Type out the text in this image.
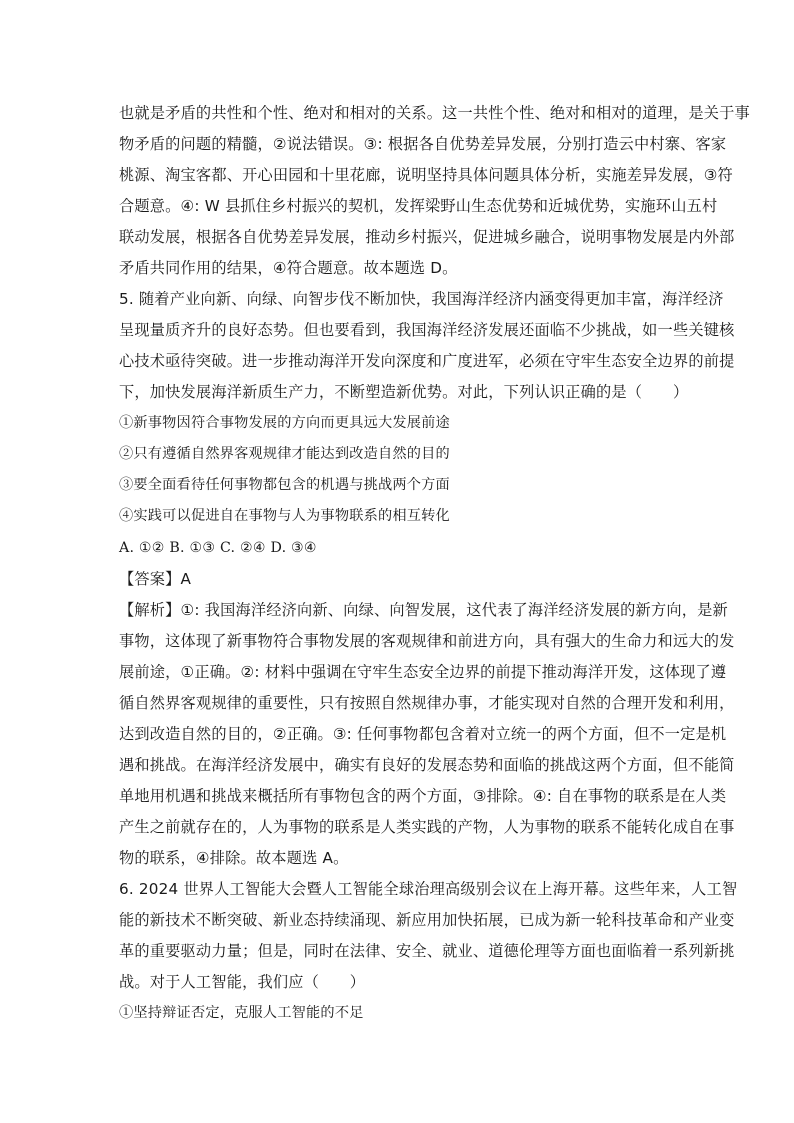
也就是矛盾的共性和个性、绝对和相对的关系。这一共性个性、绝对和相对的道理，是关于事
物矛盾的问题的精髓，②说法错误。③: 根据各自优势差异发展，分别打造云中村寨、客家
桃源、淘宝客都、开心田园和十里花廊，说明坚持具体问题具体分析，实施差异发展，③符
合题意。④: W 县抓住乡村振兴的契机，发挥梁野山生态优势和近城优势，实施环山五村
联动发展，根据各自优势差异发展，推动乡村振兴，促进城乡融合，说明事物发展是内外部
矛盾共同作用的结果，④符合题意。故本题选 D。
5. 随着产业向新、向绿、向智步伐不断加快，我国海洋经济内涵变得更加丰富，海洋经济
呈现量质齐升的良好态势。但也要看到，我国海洋经济发展还面临不少挑战，如一些关键核
心技术亟待突破。进一步推动海洋开发向深度和广度进军，必须在守牢生态安全边界的前提
下，加快发展海洋新质生产力，不断塑造新优势。对此，下列认识正确的是（　　）
①新事物因符合事物发展的方向而更具远大发展前途
②只有遵循自然界客观规律才能达到改造自然的目的
③要全面看待任何事物都包含的机遇与挑战两个方面
④实践可以促进自在事物与人为事物联系的相互转化
A. ①② B. ①③ C. ②④ D. ③④
【答案】A
【解析】①: 我国海洋经济向新、向绿、向智发展，这代表了海洋经济发展的新方向，是新
事物，这体现了新事物符合事物发展的客观规律和前进方向，具有强大的生命力和远大的发
展前途，①正确。②: 材料中强调在守牢生态安全边界的前提下推动海洋开发，这体现了遵
循自然界客观规律的重要性，只有按照自然规律办事，才能实现对自然的合理开发和利用，
达到改造自然的目的，②正确。③: 任何事物都包含着对立统一的两个方面，但不一定是机
遇和挑战。在海洋经济发展中，确实有良好的发展态势和面临的挑战这两个方面，但不能简
单地用机遇和挑战来概括所有事物包含的两个方面，③排除。④: 自在事物的联系是在人类
产生之前就存在的，人为事物的联系是人类实践的产物，人为事物的联系不能转化成自在事
物的联系，④排除。故本题选 A。
6. 2024 世界人工智能大会暨人工智能全球治理高级别会议在上海开幕。这些年来，人工智
能的新技术不断突破、新业态持续涌现、新应用加快拓展，已成为新一轮科技革命和产业变
革的重要驱动力量；但是，同时在法律、安全、就业、道德伦理等方面也面临着一系列新挑
战。对于人工智能，我们应（　　）
①坚持辩证否定，克服人工智能的不足
